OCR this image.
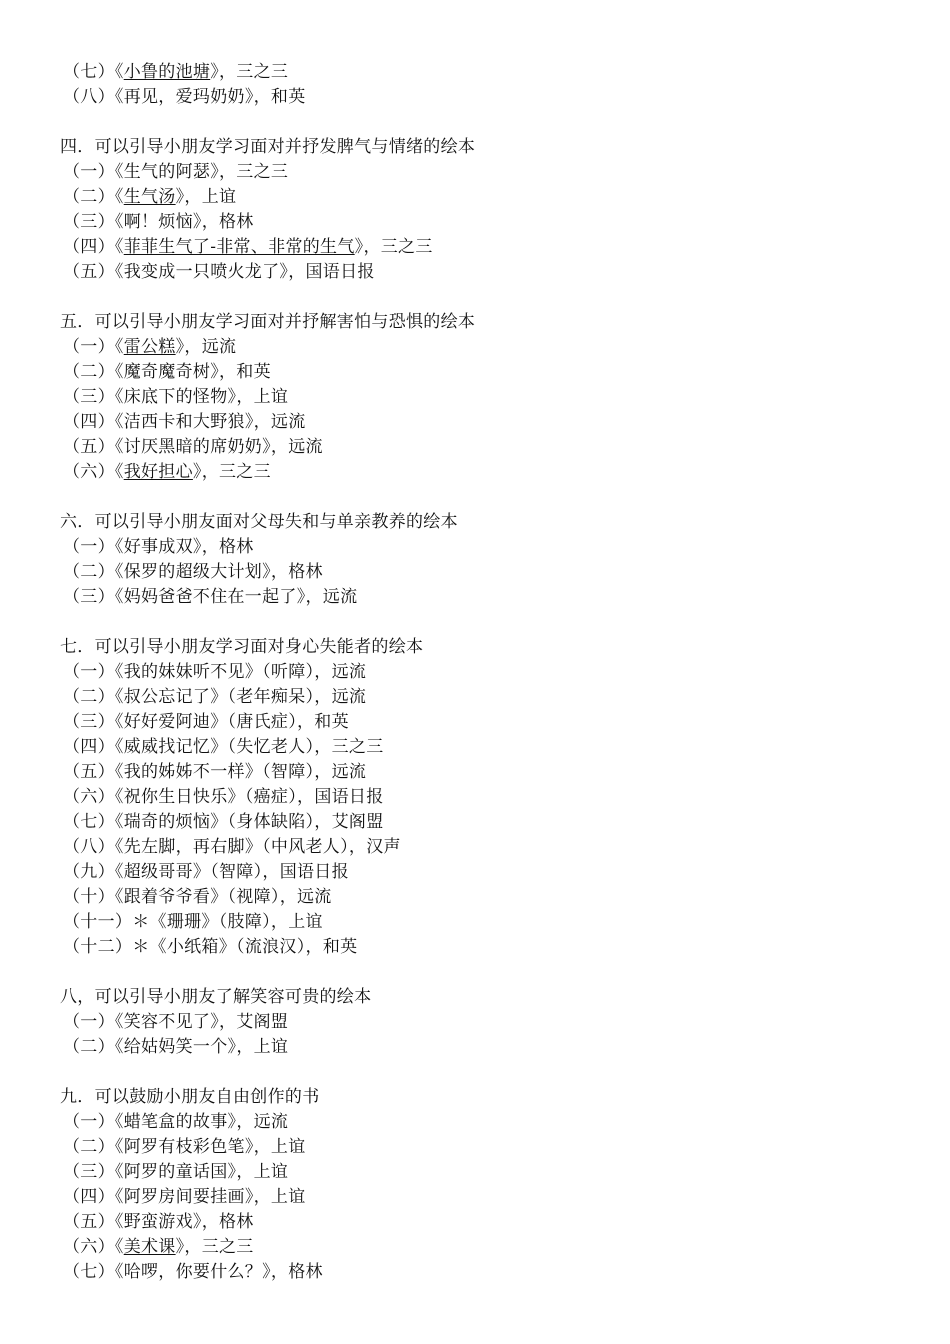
（七）《小鲁的池塘》，三之三
（八）《再见，爱玛奶奶》，和英
四．可以引导小朋友学习面对并抒发脾气与情绪的绘本
（一）《生气的阿瑟》，三之三
（二）《生气汤》，上谊
（三）《啊！烦恼》，格林
（四）《菲菲生气了-非常、非常的生气》，三之三
（五）《我变成一只喷火龙了》，国语日报
五．可以引导小朋友学习面对并抒解害怕与恐惧的绘本
（一）《雷公糕》，远流
（二）《魔奇魔奇树》，和英
（三）《床底下的怪物》，上谊
（四）《洁西卡和大野狼》，远流
（五）《讨厌黑暗的席奶奶》，远流
（六）《我好担心》，三之三
六．可以引导小朋友面对父母失和与单亲教养的绘本
（一）《好事成双》，格林
（二）《保罗的超级大计划》，格林
（三）《妈妈爸爸不住在一起了》，远流
七．可以引导小朋友学习面对身心失能者的绘本
（一）《我的妹妹听不见》（听障），远流
（二）《叔公忘记了》（老年痴呆），远流
（三）《好好爱阿迪》（唐氏症），和英
（四）《威威找记忆》（失忆老人），三之三
（五）《我的姊姊不一样》（智障），远流
（六）《祝你生日快乐》（癌症），国语日报
（七）《瑞奇的烦恼》（身体缺陷），艾阁盟
（八）《先左脚，再右脚》（中风老人），汉声
（九）《超级哥哥》（智障），国语日报
（十）《跟着爷爷看》（视障），远流
（十一）＊《珊珊》（肢障），上谊
（十二）＊《小纸箱》（流浪汉），和英
八，可以引导小朋友了解笑容可贵的绘本
（一）《笑容不见了》，艾阁盟
（二）《给姑妈笑一个》，上谊
九．可以鼓励小朋友自由创作的书
（一）《蜡笔盒的故事》，远流
（二）《阿罗有枝彩色笔》，上谊
（三）《阿罗的童话国》，上谊
（四）《阿罗房间要挂画》，上谊
（五）《野蛮游戏》，格林
（六）《美术课》，三之三
（七）《哈啰，你要什么？》，格林
